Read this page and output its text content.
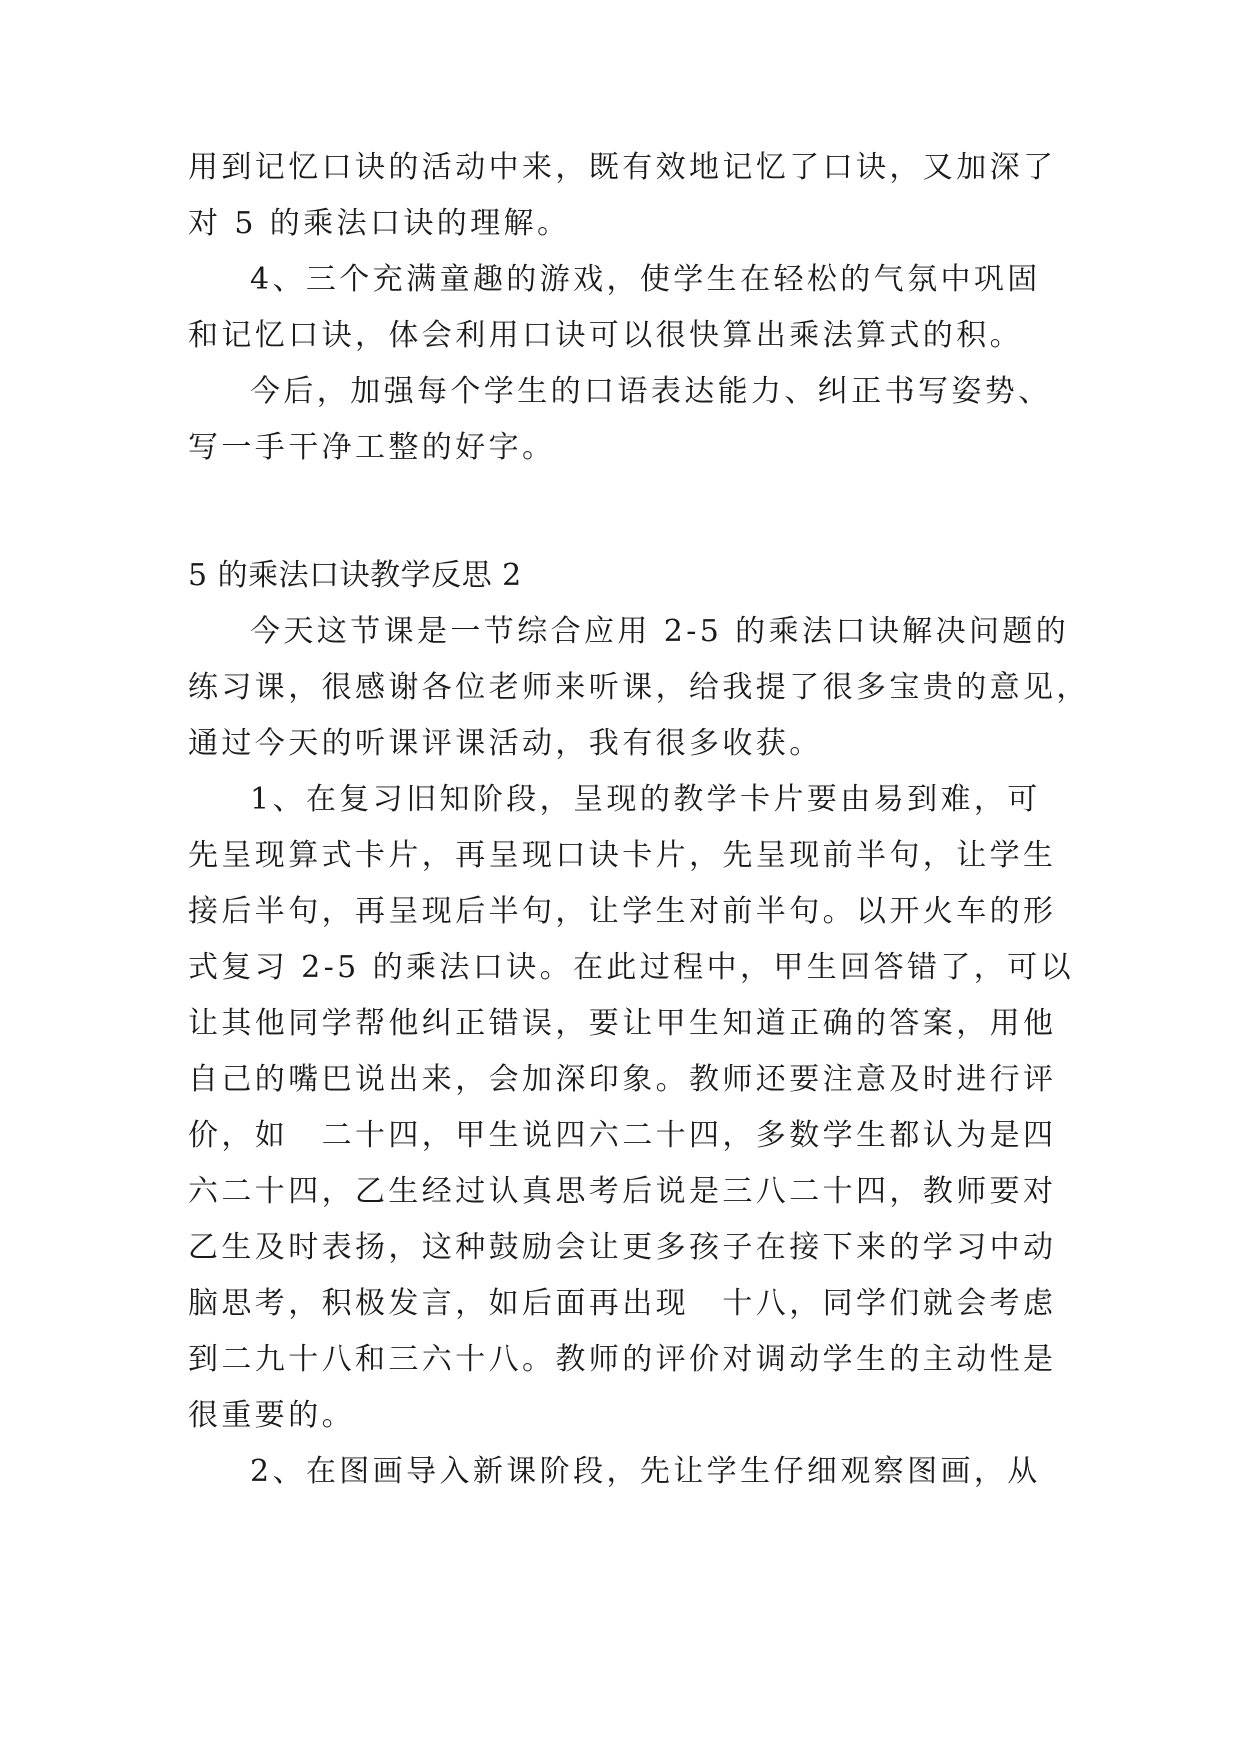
用到记忆口诀的活动中来，既有效地记忆了口诀，又加深了
对 5 的乘法口诀的理解。
4、三个充满童趣的游戏，使学生在轻松的气氛中巩固
和记忆口诀，体会利用口诀可以很快算出乘法算式的积。
今后，加强每个学生的口语表达能力、纠正书写姿势、
写一手干净工整的好字。
5 的乘法口诀教学反思 2
今天这节课是一节综合应用 2-5 的乘法口诀解决问题的
练习课，很感谢各位老师来听课，给我提了很多宝贵的意见，
通过今天的听课评课活动，我有很多收获。
1、在复习旧知阶段，呈现的教学卡片要由易到难，可
先呈现算式卡片，再呈现口诀卡片，先呈现前半句，让学生
接后半句，再呈现后半句，让学生对前半句。以开火车的形
式复习 2-5 的乘法口诀。在此过程中，甲生回答错了，可以
让其他同学帮他纠正错误，要让甲生知道正确的答案，用他
自己的嘴巴说出来，会加深印象。教师还要注意及时进行评
价，如　二十四，甲生说四六二十四，多数学生都认为是四
六二十四，乙生经过认真思考后说是三八二十四，教师要对
乙生及时表扬，这种鼓励会让更多孩子在接下来的学习中动
脑思考，积极发言，如后面再出现　十八，同学们就会考虑
到二九十八和三六十八。教师的评价对调动学生的主动性是
很重要的。
2、在图画导入新课阶段，先让学生仔细观察图画，从
